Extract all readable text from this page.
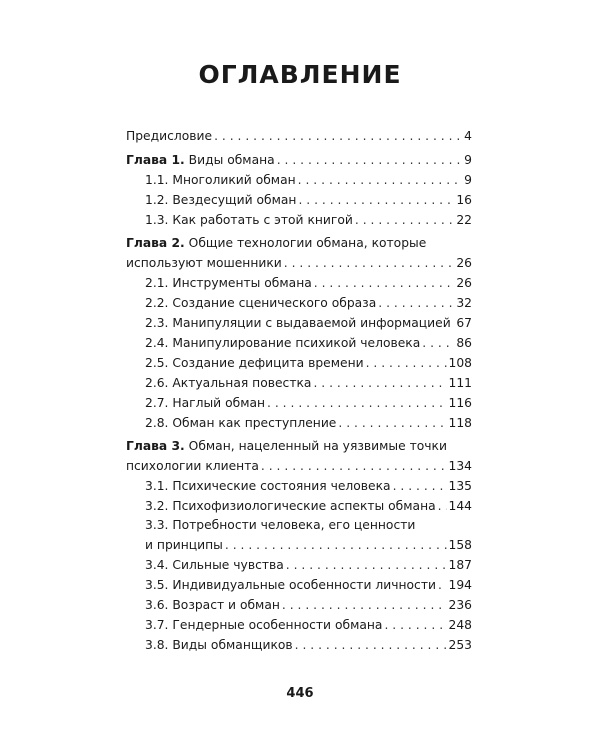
ОГЛАВЛЕНИЕ
Предисловие . . .	4
Глава 1. Виды обмана . . .	9
1.1. Многоликий обман . . .	9
1.2. Вездесущий обман . . .	16
1.3. Как работать с этой книгой . . .	22
Глава 2. Общие технологии обмана, которые
используют мошенники . . .	26
2.1. Инструменты обмана . . .	26
2.2. Создание сценического образа . . .	32
2.3. Манипуляции с выдаваемой информацией . . . 67
2.4. Манипулирование психикой человека . . .	86
2.5. Создание дефицита времени . . .	108
2.6. Актуальная повестка . . .	111
2.7. Наглый обман . . .	116
2.8. Обман как преступление . . .	118
Глава 3. Обман, нацеленный на уязвимые точки
психологии клиента . . .	134
3.1. Психические состояния человека . . .	135
3.2. Психофизиологические аспекты обмана . . . 144
3.3. Потребности человека, его ценности
и принципы . . .	158
3.4. Сильные чувства . . .	187
3.5. Индивидуальные особенности личности . . . 194
3.6. Возраст и обман . . .	236
3.7. Гендерные особенности обмана . . .	248
3.8. Виды обманщиков . . .	253
446
